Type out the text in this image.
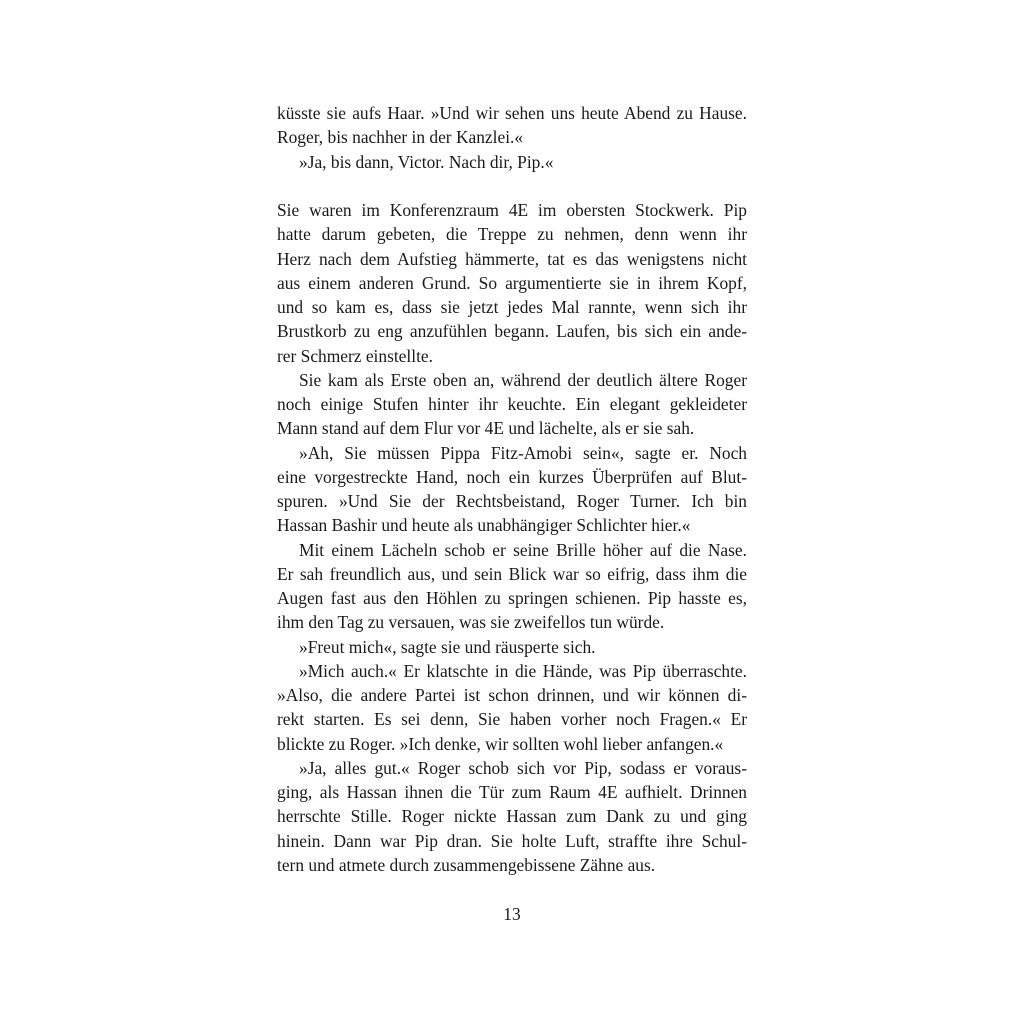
küsste sie aufs Haar. »Und wir sehen uns heute Abend zu Hause.
Roger, bis nachher in der Kanzlei.«
»Ja, bis dann, Victor. Nach dir, Pip.«
Sie waren im Konferenzraum 4E im obersten Stockwerk. Pip
hatte darum gebeten, die Treppe zu nehmen, denn wenn ihr
Herz nach dem Aufstieg hämmerte, tat es das wenigstens nicht
aus einem anderen Grund. So argumentierte sie in ihrem Kopf,
und so kam es, dass sie jetzt jedes Mal rannte, wenn sich ihr
Brustkorb zu eng anzufühlen begann. Laufen, bis sich ein ande-
rer Schmerz einstellte.
Sie kam als Erste oben an, während der deutlich ältere Roger
noch einige Stufen hinter ihr keuchte. Ein elegant gekleideter
Mann stand auf dem Flur vor 4E und lächelte, als er sie sah.
»Ah, Sie müssen Pippa Fitz-Amobi sein«, sagte er. Noch
eine vorgestreckte Hand, noch ein kurzes Überprüfen auf Blut-
spuren. »Und Sie der Rechtsbeistand, Roger Turner. Ich bin
Hassan Bashir und heute als unabhängiger Schlichter hier.«
Mit einem Lächeln schob er seine Brille höher auf die Nase.
Er sah freundlich aus, und sein Blick war so eifrig, dass ihm die
Augen fast aus den Höhlen zu springen schienen. Pip hasste es,
ihm den Tag zu versauen, was sie zweifellos tun würde.
»Freut mich«, sagte sie und räusperte sich.
»Mich auch.« Er klatschte in die Hände, was Pip überraschte.
»Also, die andere Partei ist schon drinnen, und wir können di-
rekt starten. Es sei denn, Sie haben vorher noch Fragen.« Er
blickte zu Roger. »Ich denke, wir sollten wohl lieber anfangen.«
»Ja, alles gut.« Roger schob sich vor Pip, sodass er voraus-
ging, als Hassan ihnen die Tür zum Raum 4E aufhielt. Drinnen
herrschte Stille. Roger nickte Hassan zum Dank zu und ging
hinein. Dann war Pip dran. Sie holte Luft, straffte ihre Schul-
tern und atmete durch zusammengebissene Zähne aus.
13
